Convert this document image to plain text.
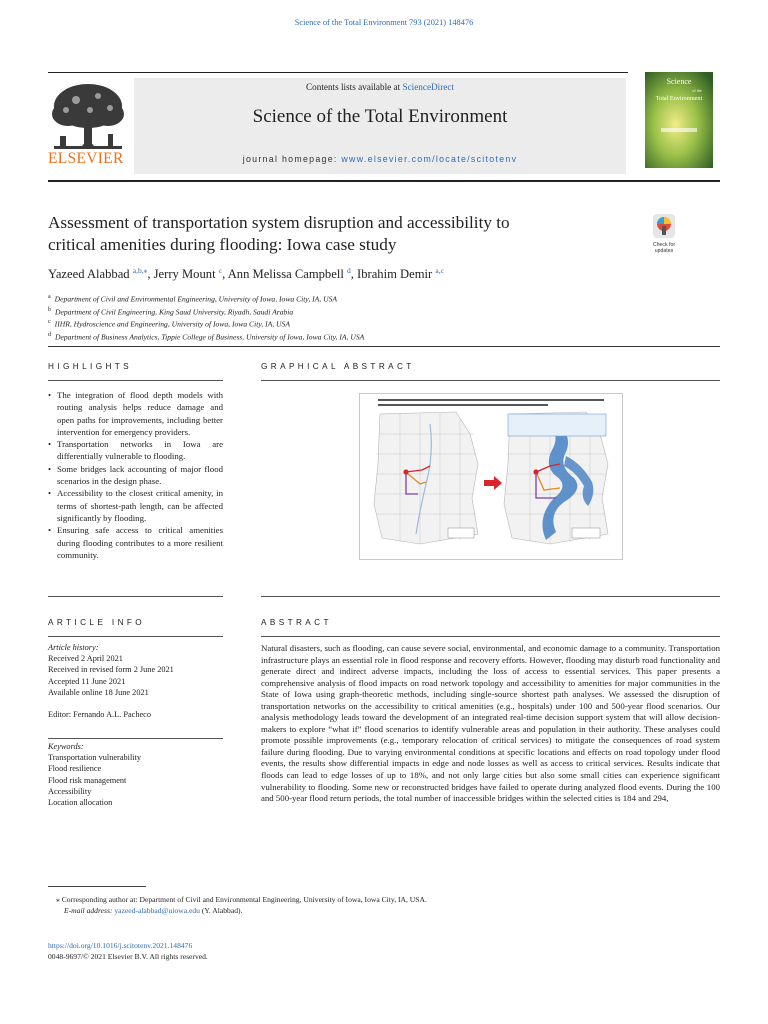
Science of the Total Environment 793 (2021) 148476
ELSEVIER
Contents lists available at ScienceDirect
Science of the Total Environment
journal homepage: www.elsevier.com/locate/scitotenv
Science
of the
Total Environment
Assessment of transportation system disruption and accessibility to
critical amenities during flooding: Iowa case study	Check for
updates
Yazeed Alabbad $^{a,b,⁎}$, Jerry Mount $^c$, Ann Melissa Campbell $^d$, Ibrahim Demir $^{a,c}$
$^a$ Department of Civil and Environmental Engineering, University of Iowa, Iowa City, IA, USA
$^b$ Department of Civil Engineering, King Saud University, Riyadh, Saudi Arabia
$^c$ IIHR, Hydroscience and Engineering, University of Iowa, Iowa City, IA, USA
$^d$ Department of Business Analytics, Tippie College of Business, University of Iowa, Iowa City, IA, USA
HIGHLIGHTS
• The integration of flood depth models with routing analysis helps reduce damage and open paths for improvements, including better intervention for emergency providers.
• Transportation networks in Iowa are differentially vulnerable to flooding.
• Some bridges lack accounting of major flood scenarios in the design phase.
• Accessibility to the closest critical amenity, in terms of shortest-path length, can be affected significantly by flooding.
• Ensuring safe access to critical amenities during flooding contributes to a more resilient community.
GRAPHICAL ABSTRACT
ARTICLE INFO
Article history:
Received 2 April 2021
Received in revised form 2 June 2021
Accepted 11 June 2021
Available online 18 June 2021
Editor: Fernando A.L. Pacheco
Keywords:
Transportation vulnerability
Flood resilience
Flood risk management
Accessibility
Location allocation
ABSTRACT

Natural disasters, such as flooding, can cause severe social, environmental, and economic damage to a community. Transportation infrastructure plays an essential role in flood response and recovery efforts. However, flooding may disturb road functionality and generate direct and indirect adverse impacts, including the loss of access to essential services. This paper presents a comprehensive analysis of flood impacts on road network topology and accessibility to amenities for major communities in the State of Iowa using graph-theoretic methods, including single-source shortest path analyses. We assessed the disruption of transportation networks on the accessibility to critical amenities (e.g., hospitals) under 100 and 500-year flood scenarios. Our analysis methodology leads toward the development of an integrated real-time decision support system that will allow decision-makers to explore “what if” flood scenarios to identify vulnerable areas and population in their authority. These analyses could promote possible improvements (e.g., temporary relocation of critical services) to mitigate the consequences of road system failure during flooding. Due to varying environmental conditions at specific locations and effects on road topology under flood events, the results show differential impacts in edge and node losses as well as access to critical services. Results indicate that floods can lead to edge losses of up to 18%, and not only large cities but also some small cities can experience significant vulnerability to flooding. Some new or reconstructed bridges have failed to operate during analyzed flood events. During the 100 and 500-year flood return periods, the total number of inaccessible bridges within the selected cities is 184 and 294,

⁎ Corresponding author at: Department of Civil and Environmental Engineering, University of Iowa, Iowa City, IA, USA.
E-mail address: yazeed-alabbad@uiowa.edu (Y. Alabbad).
https://doi.org/10.1016/j.scitotenv.2021.148476
0048-9697/© 2021 Elsevier B.V. All rights reserved.
